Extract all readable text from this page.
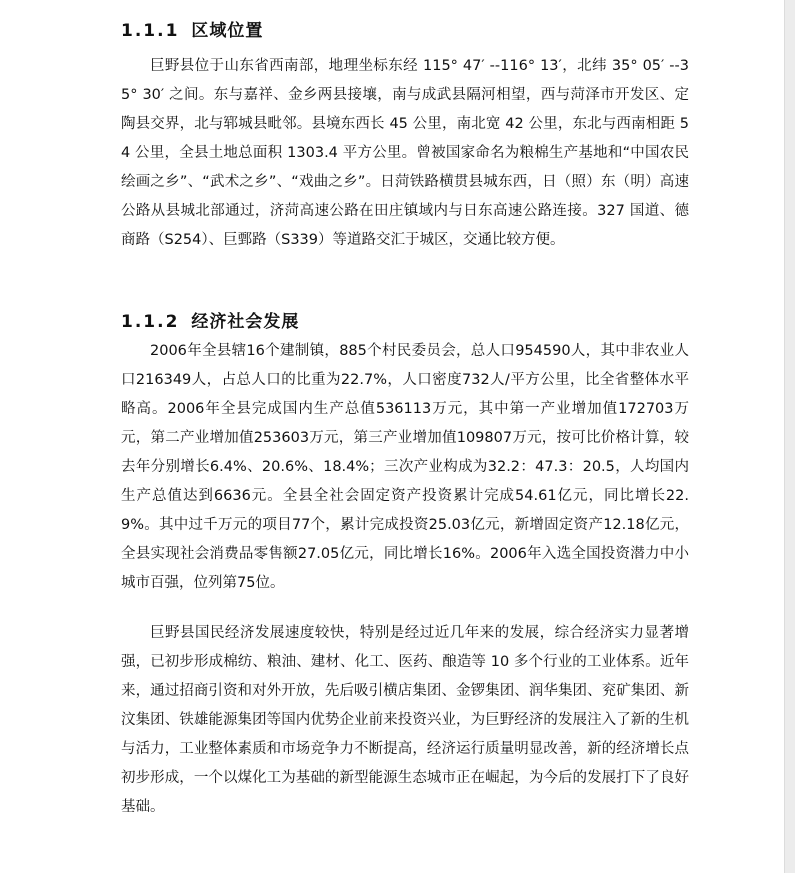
1.1.1 区域位置

巨野县位于山东省西南部，地理坐标东经 115° 47′ --116° 13′，北纬 35° 05′ --35° 30′ 之间。东与嘉祥、金乡两县接壤，南与成武县隔河相望，西与菏泽市开发区、定陶县交界，北与郓城县毗邻。县境东西长 45 公里，南北宽 42 公里，东北与西南相距 54 公里，全县土地总面积 1303.4 平方公里。曾被国家命名为粮棉生产基地和“中国农民绘画之乡”、“武术之乡”、“戏曲之乡”。日菏铁路横贯县城东西，日（照）东（明）高速公路从县城北部通过，济菏高速公路在田庄镇域内与日东高速公路连接。327 国道、德商路（S254）、巨鄄路（S339）等道路交汇于城区，交通比较方便。

1.1.2 经济社会发展

2006年全县辖16个建制镇，885个村民委员会，总人口954590人，其中非农业人口216349人，占总人口的比重为22.7%，人口密度732人/平方公里，比全省整体水平略高。2006年全县完成国内生产总值536113万元，其中第一产业增加值172703万元，第二产业增加值253603万元，第三产业增加值109807万元，按可比价格计算，较去年分别增长6.4%、20.6%、18.4%；三次产业构成为32.2：47.3：20.5，人均国内生产总值达到6636元。全县全社会固定资产投资累计完成54.61亿元，同比增长22.9%。其中过千万元的项目77个，累计完成投资25.03亿元，新增固定资产12.18亿元，全县实现社会消费品零售额27.05亿元，同比增长16%。2006年入选全国投资潜力中小城市百强，位列第75位。

巨野县国民经济发展速度较快，特别是经过近几年来的发展，综合经济实力显著增强，已初步形成棉纺、粮油、建材、化工、医药、酿造等 10 多个行业的工业体系。近年来，通过招商引资和对外开放，先后吸引横店集团、金锣集团、润华集团、兖矿集团、新汶集团、铁雄能源集团等国内优势企业前来投资兴业，为巨野经济的发展注入了新的生机与活力，工业整体素质和市场竞争力不断提高，经济运行质量明显改善，新的经济增长点初步形成，一个以煤化工为基础的新型能源生态城市正在崛起，为今后的发展打下了良好基础。
